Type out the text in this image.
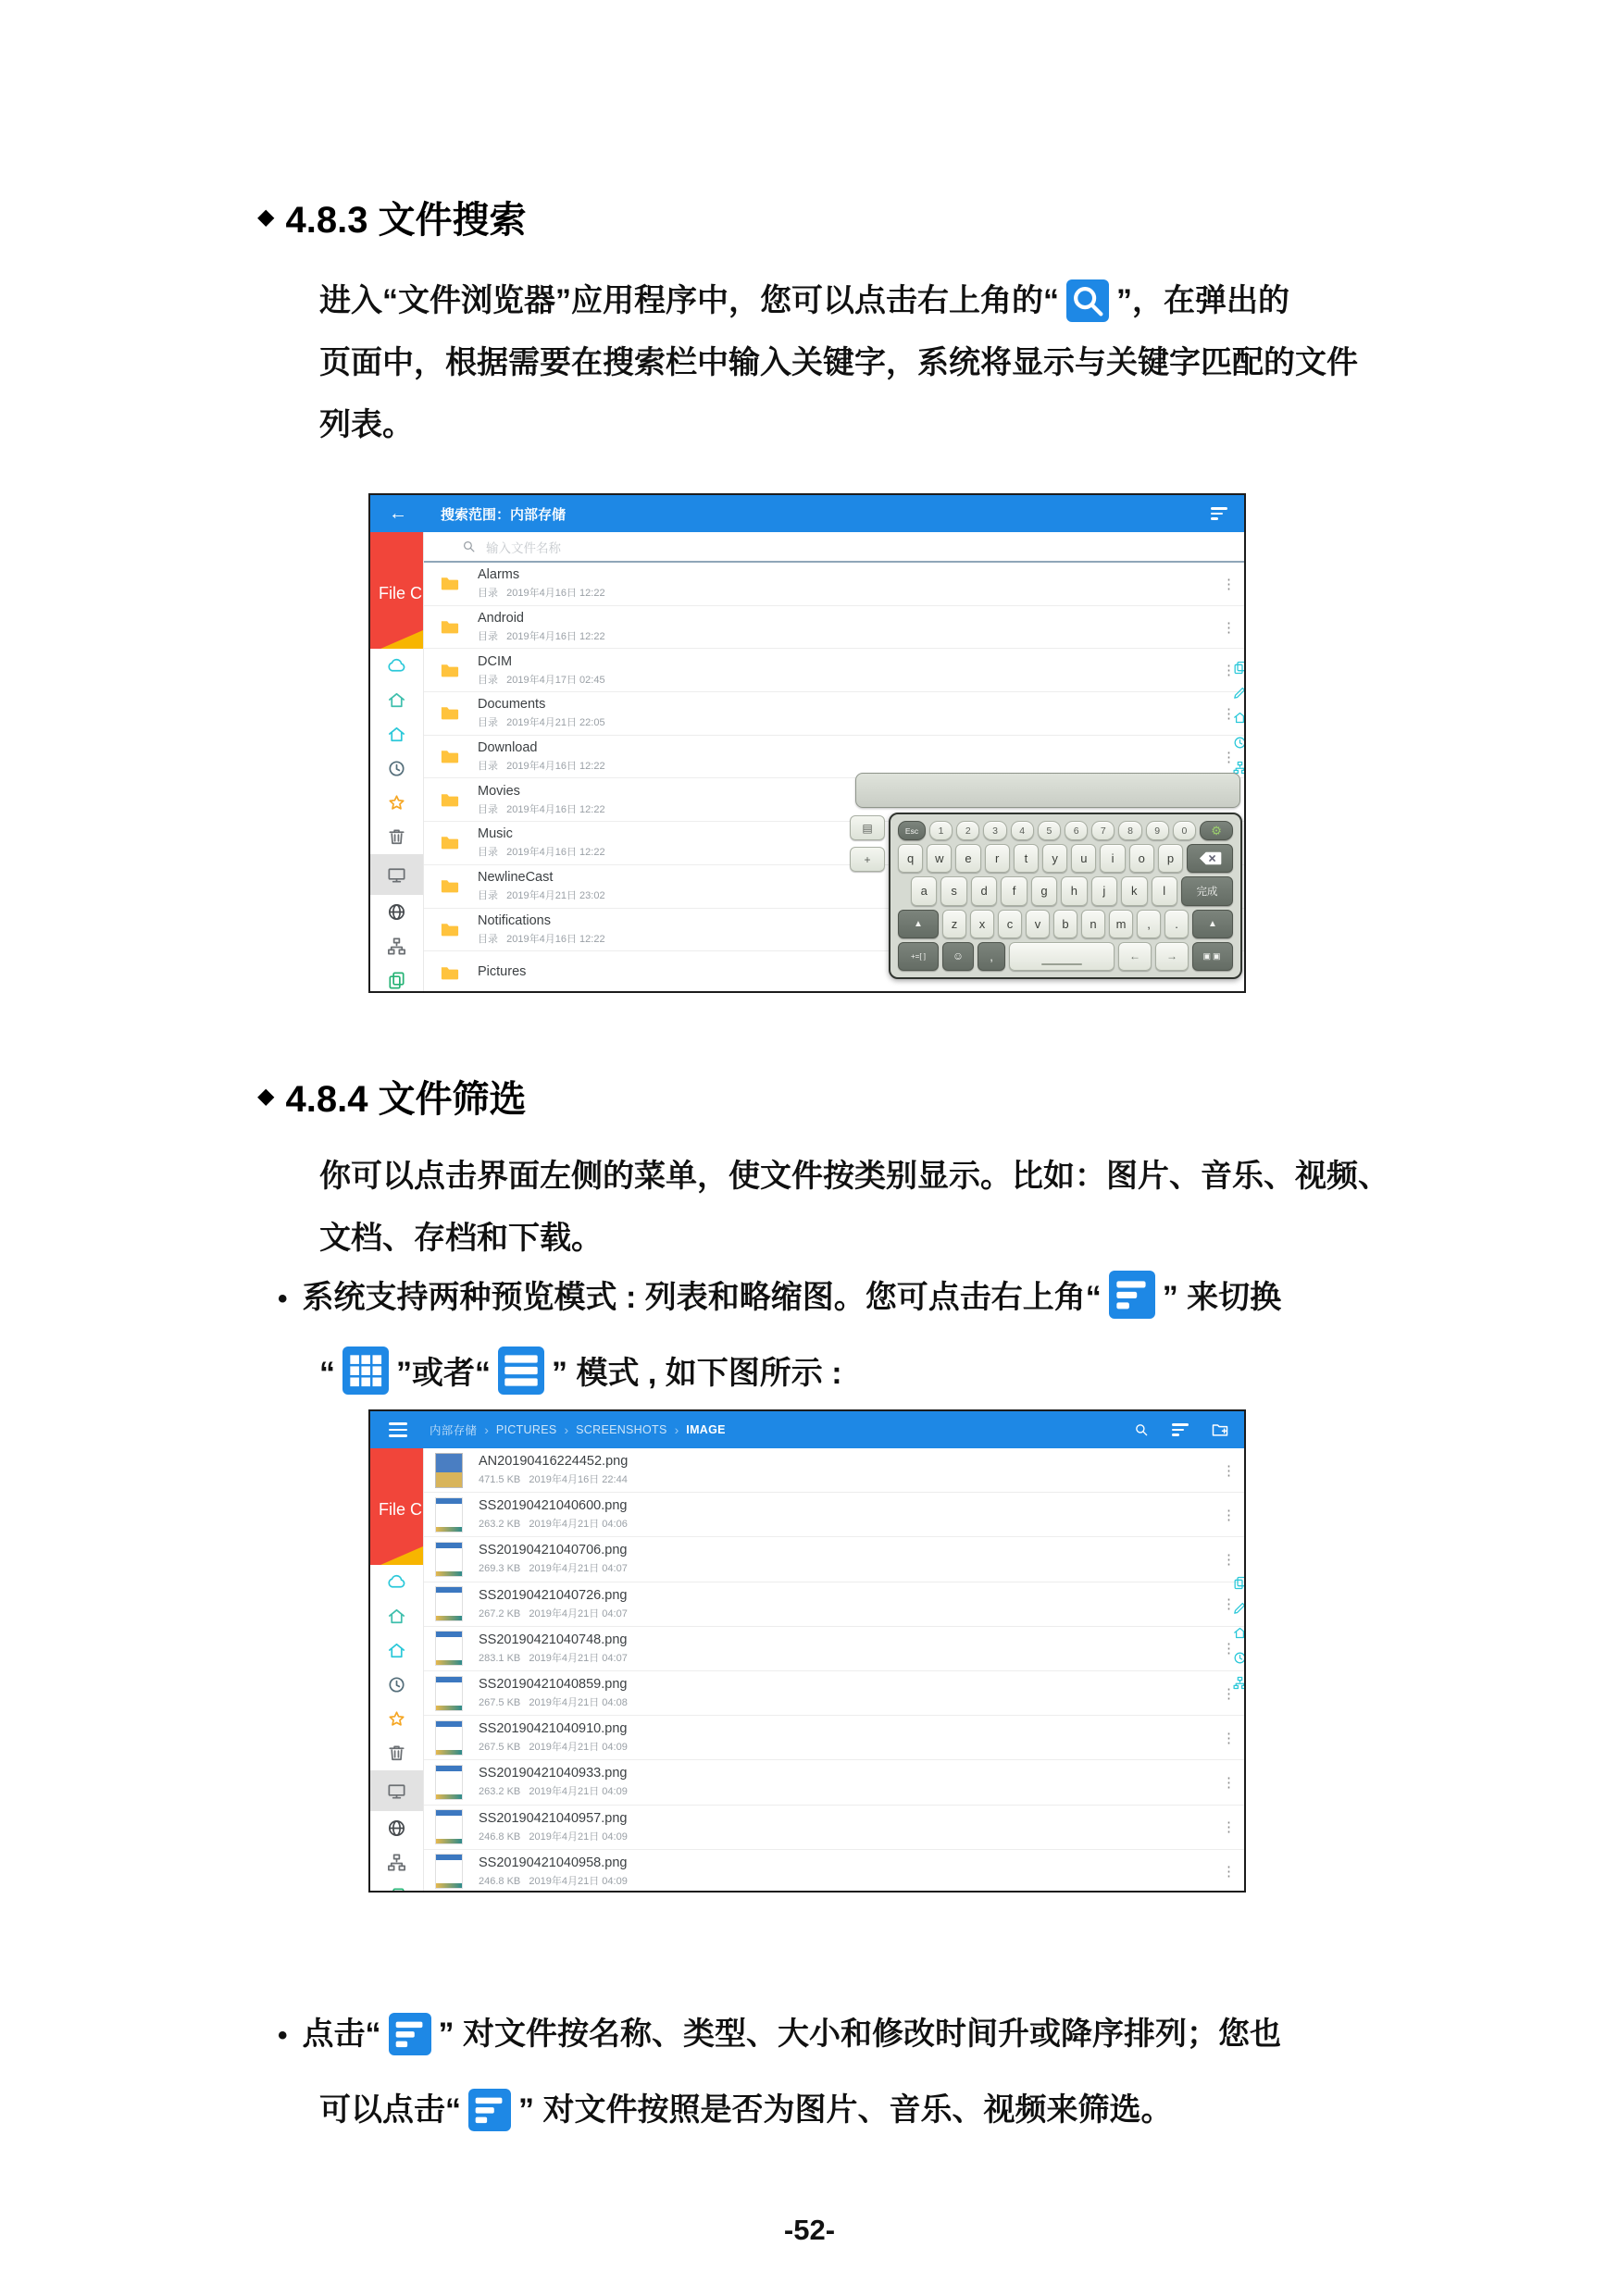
◆ 4.8.3 文件搜索
进入“文件浏览器”应用程序中，您可以点击右上角的“ ”，在弹出的
页面中，根据需要在搜索栏中输入关键字，系统将显示与关键字匹配的文件
列表。
← 搜索范围：内部存储
File C
输入文件名称
Alarms
目录   2019年4月16日 12:22
⋮
Android
目录   2019年4月16日 12:22
⋮
DCIM
目录   2019年4月17日 02:45
⋮
Documents
目录   2019年4月21日 22:05
⋮
Download
目录   2019年4月16日 12:22
⋮
Movies
目录   2019年4月16日 12:22
Music
目录   2019年4月16日 12:22
NewlineCast
目录   2019年4月21日 23:02
Notifications
目录   2019年4月16日 12:22
Pictures
▤
+
Esc	1	2	3	4	5	6	7	8	9	0	⚙
q	w	e	r	t	y	u	i	o	p
a	s	d	f	g	h	j	k	l	完成
▲	z	x	c	v	b	n	m	,	.	▲
+=[ ]	☺	,	←	→	▣▣
◆ 4.8.4 文件筛选
你可以点击界面左侧的菜单，使文件按类别显示。比如：图片、音乐、视频、
文档、存档和下载。
• 系统支持两种预览模式 : 列表和略缩图。您可点击右上角“ ” 来切换
“ ”或者“ ” 模式 , 如下图所示 :
内部存储 › PICTURES › SCREENSHOTS › IMAGE
File C
AN20190416224452.png
471.5 KB   2019年4月16日 22:44
⋮
SS20190421040600.png
263.2 KB   2019年4月21日 04:06
⋮
SS20190421040706.png
269.3 KB   2019年4月21日 04:07
⋮
SS20190421040726.png
267.2 KB   2019年4月21日 04:07
⋮
SS20190421040748.png
283.1 KB   2019年4月21日 04:07
⋮
SS20190421040859.png
267.5 KB   2019年4月21日 04:08
⋮
SS20190421040910.png
267.5 KB   2019年4月21日 04:09
⋮
SS20190421040933.png
263.2 KB   2019年4月21日 04:09
⋮
SS20190421040957.png
246.8 KB   2019年4月21日 04:09
⋮
SS20190421040958.png
246.8 KB   2019年4月21日 04:09
⋮
• 点击“ ” 对文件按名称、类型、大小和修改时间升或降序排列；您也
可以点击“ ” 对文件按照是否为图片、音乐、视频来筛选。
-52-
